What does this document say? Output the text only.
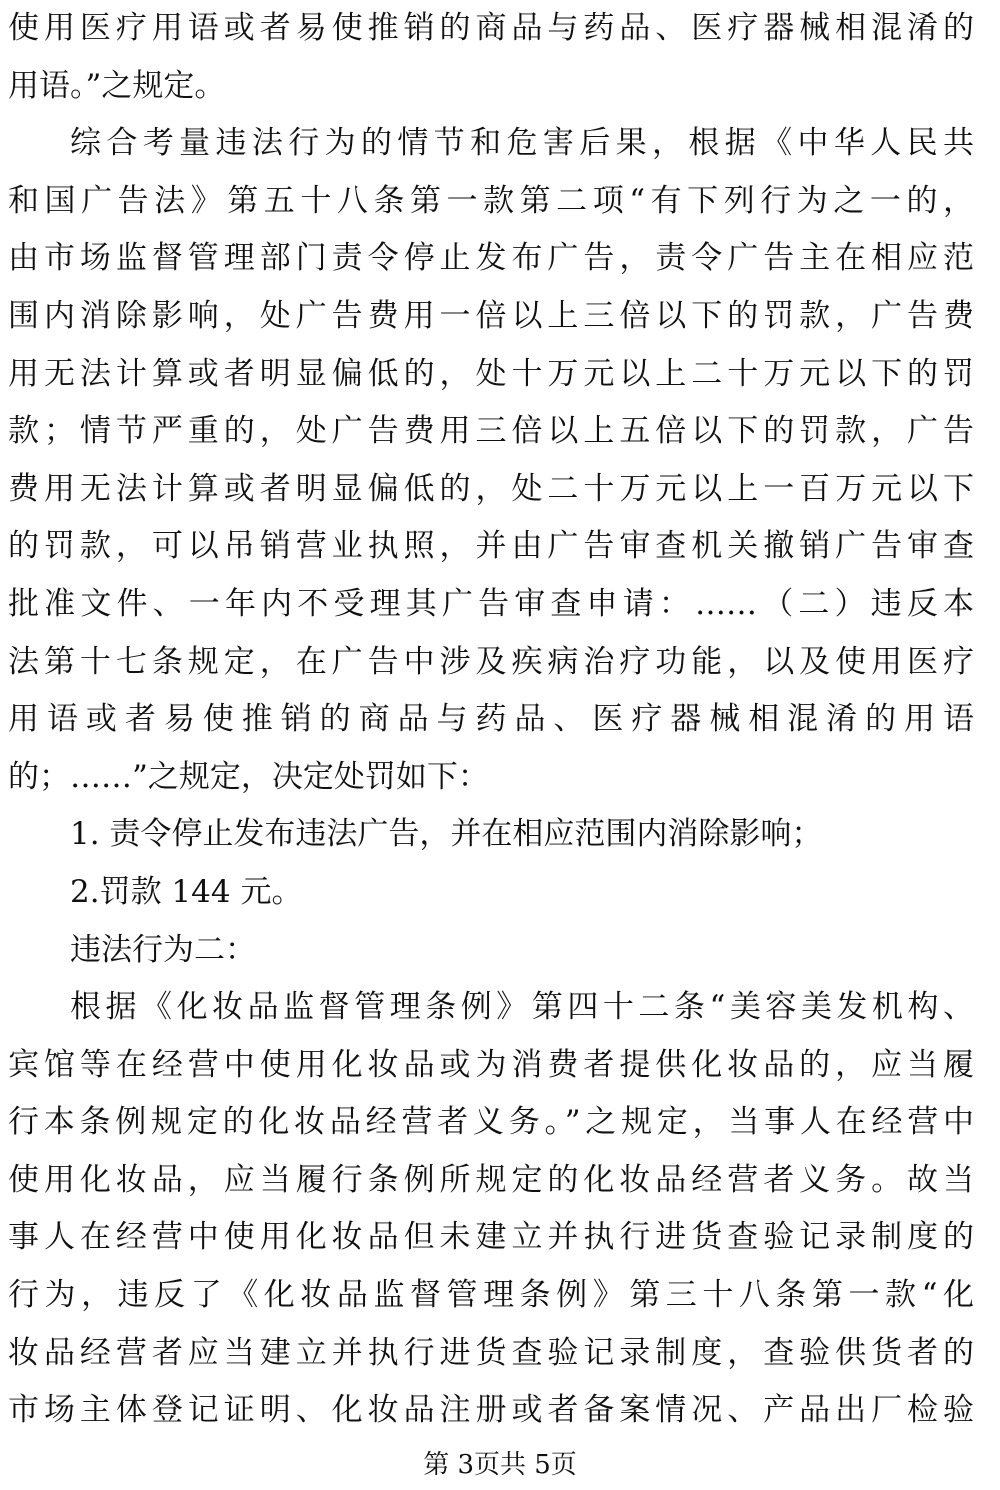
使用医疗用语或者易使推销的商品与药品、医疗器械相混淆的
用语。”之规定。
综合考量违法行为的情节和危害后果，根据《中华人民共
和国广告法》第五十八条第一款第二项“有下列行为之一的，
由市场监督管理部门责令停止发布广告，责令广告主在相应范
围内消除影响，处广告费用一倍以上三倍以下的罚款，广告费
用无法计算或者明显偏低的，处十万元以上二十万元以下的罚
款；情节严重的，处广告费用三倍以上五倍以下的罚款，广告
费用无法计算或者明显偏低的，处二十万元以上一百万元以下
的罚款，可以吊销营业执照，并由广告审查机关撤销广告审查
批准文件、一年内不受理其广告审查申请：……（二）违反本
法第十七条规定，在广告中涉及疾病治疗功能，以及使用医疗
用语或者易使推销的商品与药品、医疗器械相混淆的用语
的；……”之规定，决定处罚如下：
1. 责令停止发布违法广告，并在相应范围内消除影响；
2.罚款 144 元。
违法行为二：
根据《化妆品监督管理条例》第四十二条“美容美发机构、
宾馆等在经营中使用化妆品或为消费者提供化妆品的，应当履
行本条例规定的化妆品经营者义务。”之规定，当事人在经营中
使用化妆品，应当履行条例所规定的化妆品经营者义务。故当
事人在经营中使用化妆品但未建立并执行进货查验记录制度的
行为，违反了《化妆品监督管理条例》第三十八条第一款“化
妆品经营者应当建立并执行进货查验记录制度，查验供货者的
市场主体登记证明、化妆品注册或者备案情况、产品出厂检验
第 3页共 5页
